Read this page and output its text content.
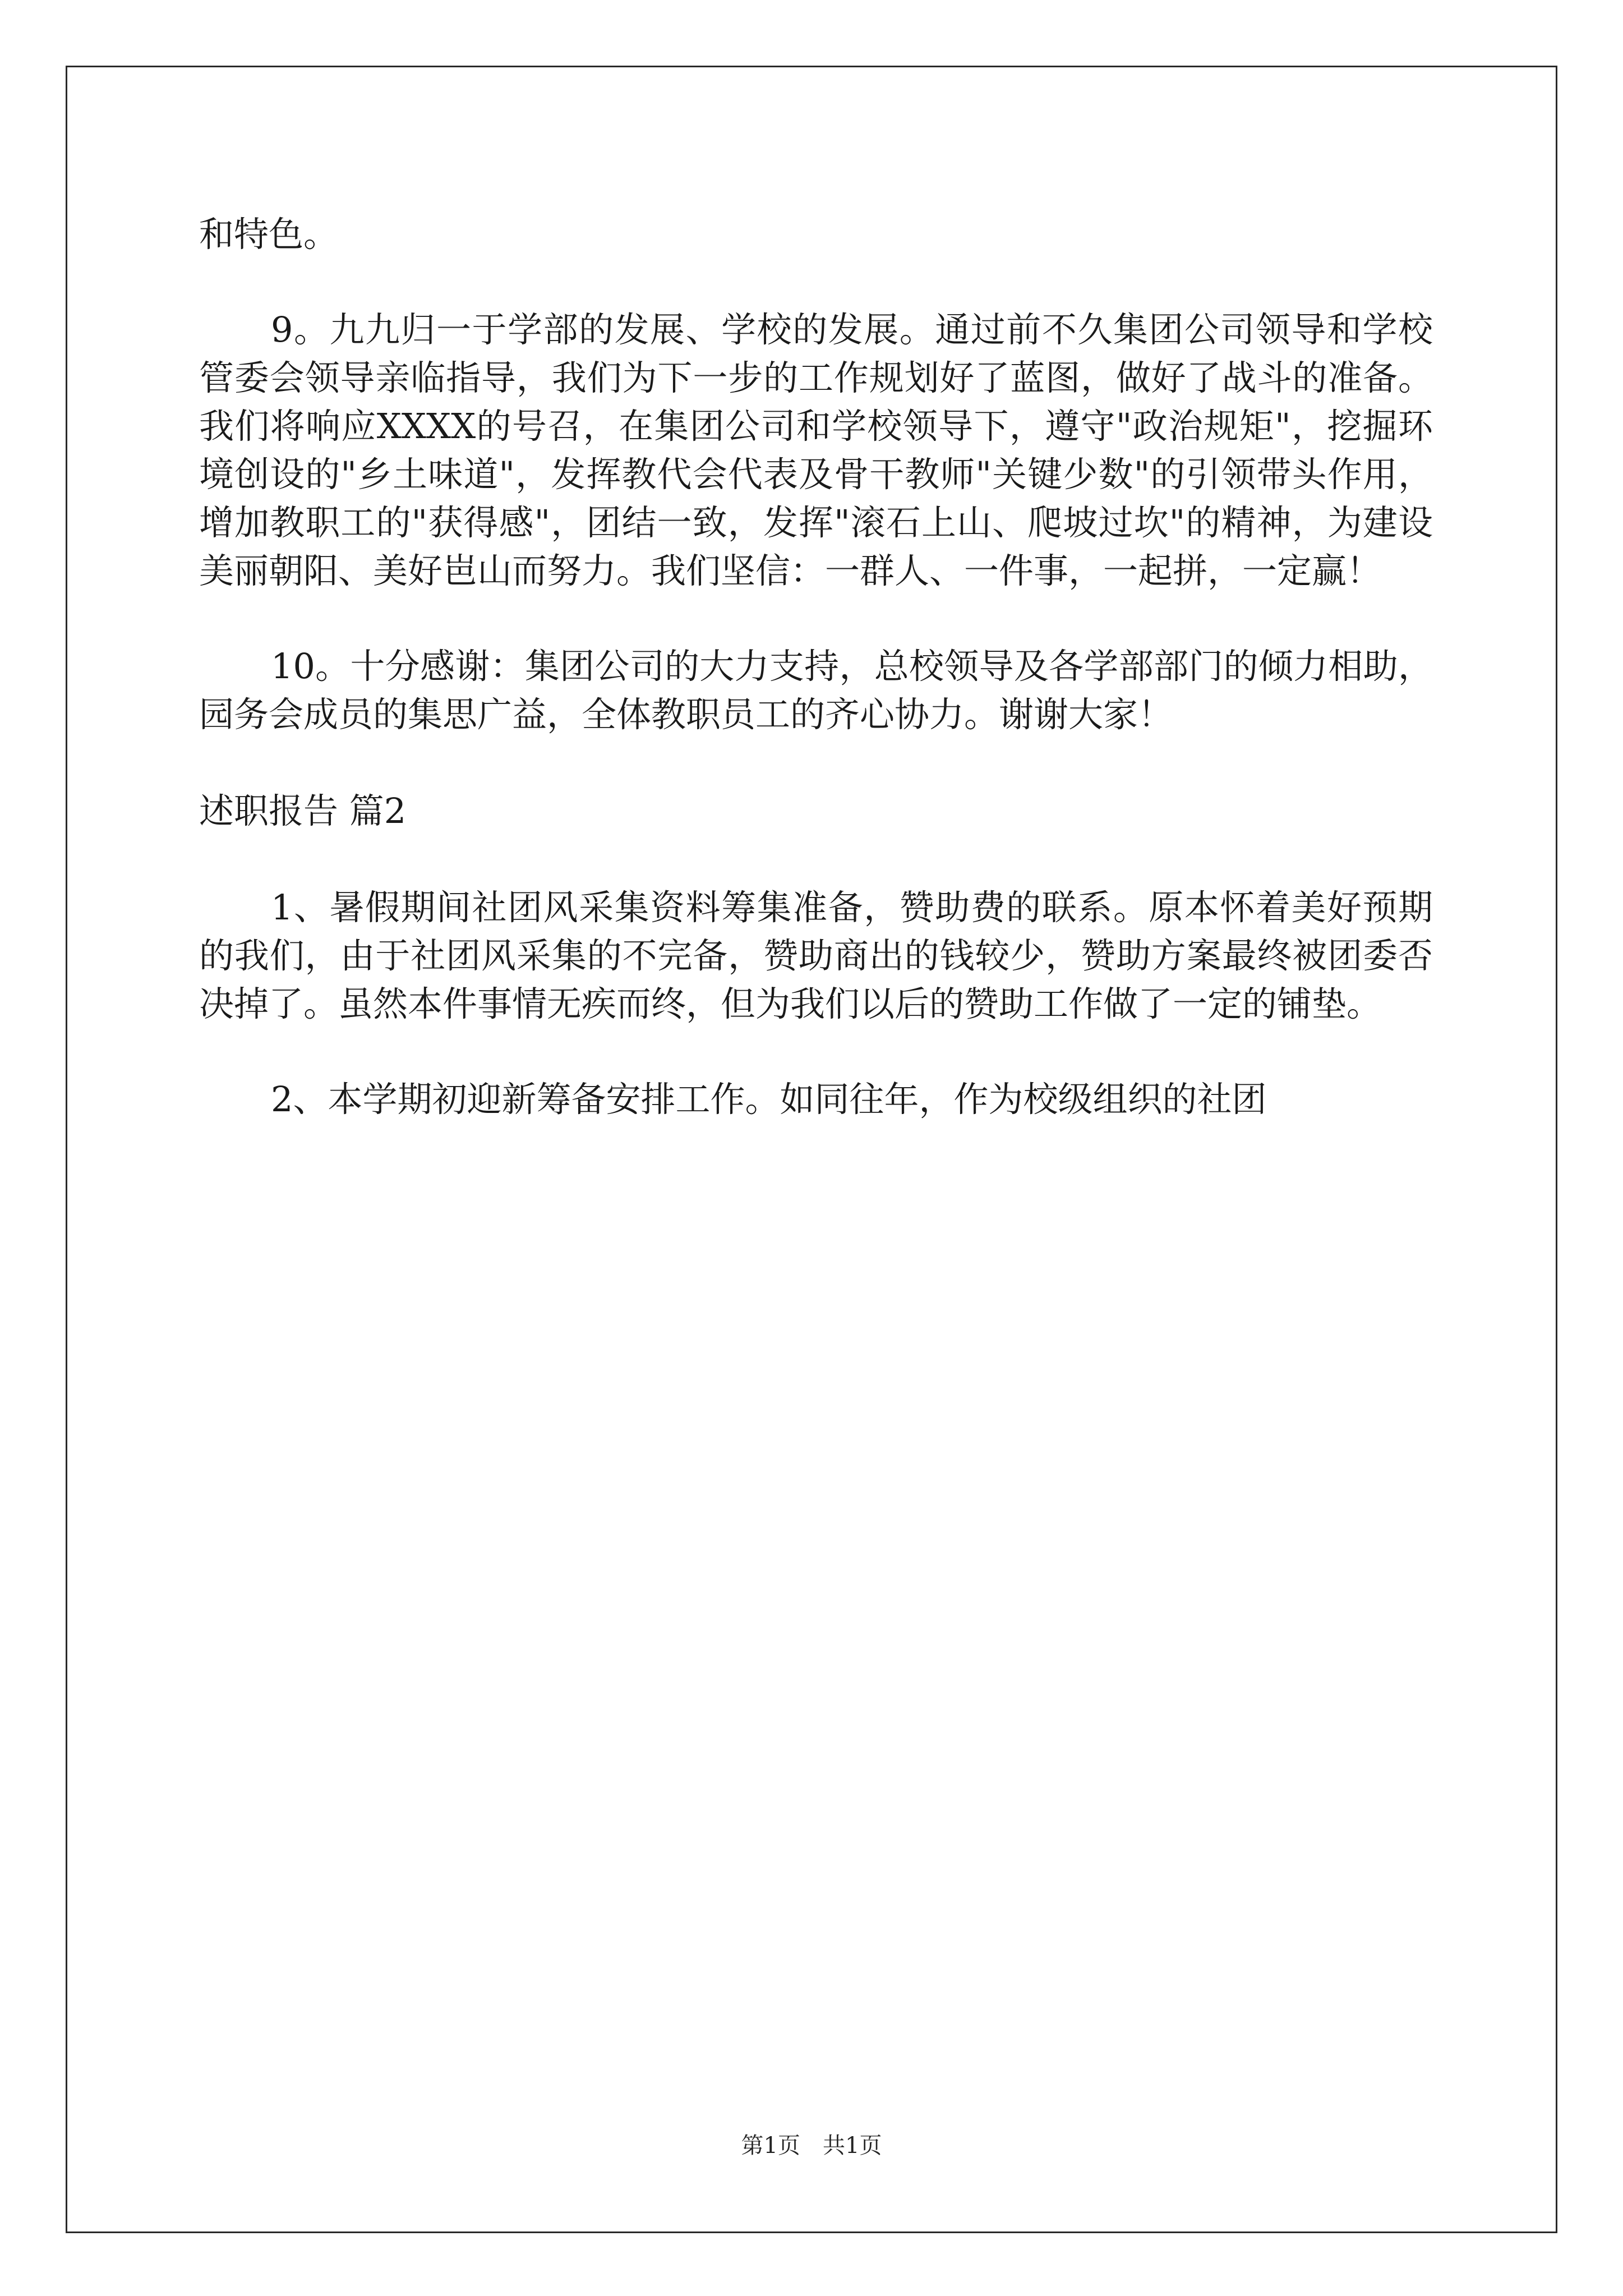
和特色。

9。九九归一于学部的发展、学校的发展。通过前不久集团公司领导和学校管委会领导亲临指导，我们为下一步的工作规划好了蓝图，做好了战斗的准备。我们将响应XXXX的号召，在集团公司和学校领导下，遵守"政治规矩"，挖掘环境创设的"乡土味道"，发挥教代会代表及骨干教师"关键少数"的引领带头作用，增加教职工的"获得感"，团结一致，发挥"滚石上山、爬坡过坎"的精神，为建设美丽朝阳、美好岜山而努力。我们坚信：一群人、一件事，一起拼，一定赢！

10。十分感谢：集团公司的大力支持，总校领导及各学部部门的倾力相助，园务会成员的集思广益，全体教职员工的齐心协力。谢谢大家！

述职报告 篇2

1、暑假期间社团风采集资料筹集准备，赞助费的联系。原本怀着美好预期的我们，由于社团风采集的不完备，赞助商出的钱较少，赞助方案最终被团委否决掉了。虽然本件事情无疾而终，但为我们以后的赞助工作做了一定的铺垫。

2、本学期初迎新筹备安排工作。如同往年，作为校级组织的社团

第1页 共1页
